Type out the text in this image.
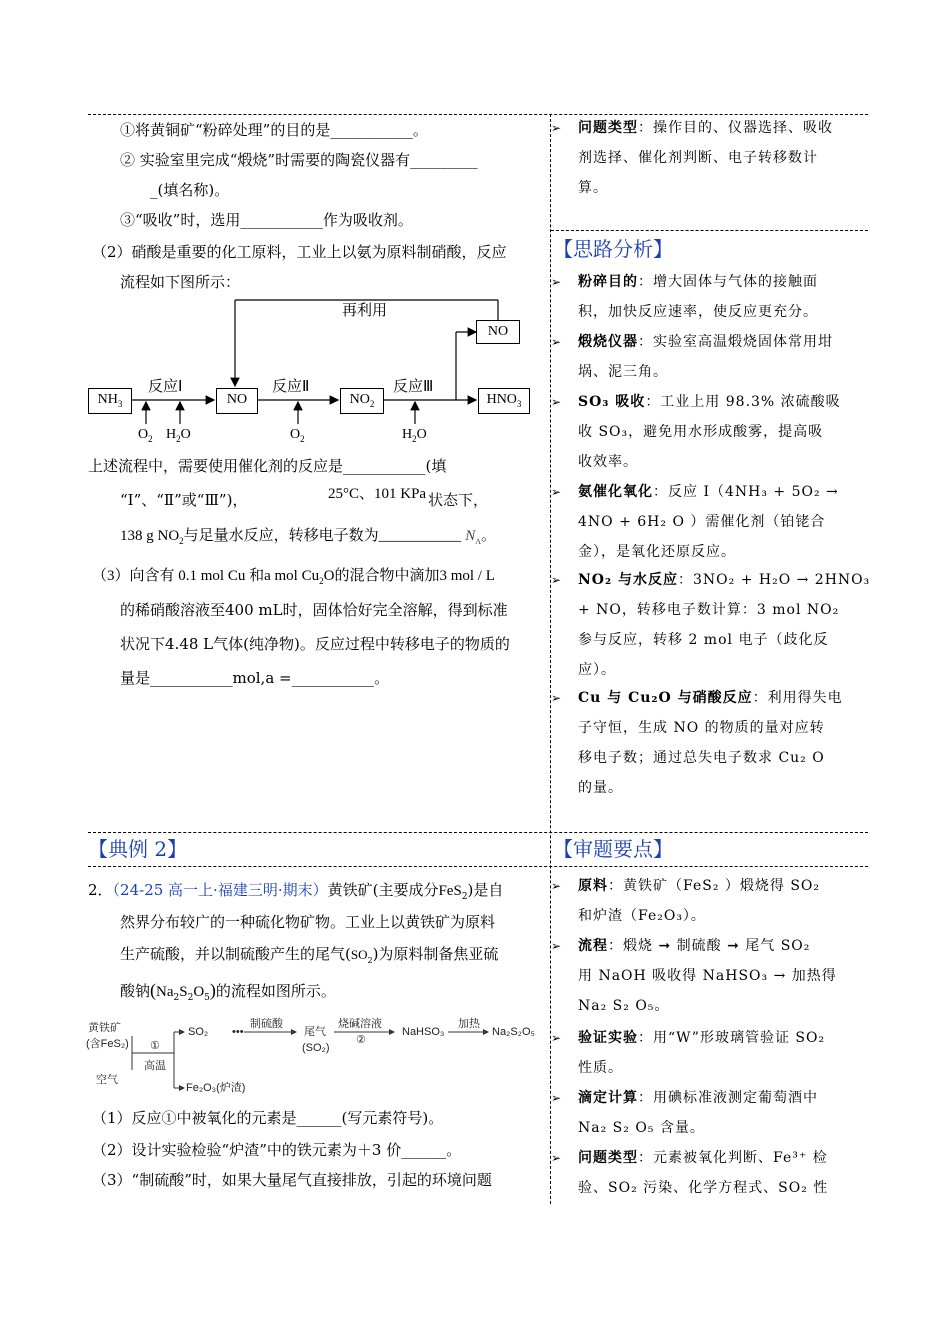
①将黄铜矿“粉碎处理”的目的是___________。
② 实验室里完成“煅烧”时需要的陶瓷仪器有_________
_(填名称)。
③“吸收”时，选用___________作为吸收剂。
（2）硝酸是重要的化工原料，工业上以氨为原料制硝酸，反应
流程如下图所示：
再利用
NO
$NH_3$	NO	$NO_2$	$HNO_3$
反应Ⅰ	反应Ⅱ	反应Ⅲ
$O_2$ $H_2O$	$O_2$	$H_2O$
上述流程中，需要使用催化剂的反应是___________(填
“Ⅰ”、“Ⅱ”或“Ⅲ”)，	25°C、101 KPa 状态下，
138 g $NO_2$与足量水反应，转移电子数为___________ $N_A$。
（3）向含有 0.1 mol Cu 和a mol $Cu_2O$的混合物中滴加3 mol / L
的稀硝酸溶液至400 mL时，固体恰好完全溶解，得到标准
状况下4.48 L气体(纯净物)。反应过程中转移电子的物质的
量是___________mol,a =___________。
➢ 问题类型：操作目的、仪器选择、吸收
剂选择、催化剂判断、电子转移数计
算。
【思路分析】
➢ 粉碎目的：增大固体与气体的接触面
积，加快反应速率，使反应更充分。
➢ 煅烧仪器：实验室高温煅烧固体常用坩
埚、泥三角。
➢ SO₃ 吸收：工业上用 98.3% 浓硫酸吸
收 SO₃，避免用水形成酸雾，提高吸
收效率。
➢ 氨催化氧化：反应 I（4NH₃ + 5O₂ →
4NO + 6H₂ O ）需催化剂（铂铑合
金），是氧化还原反应。
➢ NO₂ 与水反应：3NO₂ + H₂O → 2HNO₃
+ NO，转移电子数计算：3 mol NO₂
参与反应，转移 2 mol 电子（歧化反
应）。
➢ Cu 与 Cu₂O 与硝酸反应：利用得失电
子守恒，生成 NO 的物质的量对应转
移电子数；通过总失电子数求 Cu₂ O
的量。
【典例 2】	【审题要点】
2．（24-25 高一上·福建三明·期末）黄铁矿(主要成分FeS$_2$)是自
然界分布较广的一种硫化物矿物。工业上以黄铁矿为原料
生产硫酸，并以制硫酸产生的尾气$(SO_2)$为原料制备焦亚硫
酸钠$(Na_2S_2O_5)$的流程如图所示。
黄铁矿
(含FeS₂)
空气
①
高温
SO₂ •••
制硫酸
尾气
(SO₂)
烧碱溶液
②
NaHSO₃
加热
Na₂S₂O₅
Fe₂O₃(炉渣)
（1）反应①中被氧化的元素是______(写元素符号)。
（2）设计实验检验“炉渣”中的铁元素为＋3 价______。
（3）“制硫酸”时，如果大量尾气直接排放，引起的环境问题
➢ 原料：黄铁矿（FeS₂ ）煅烧得 SO₂
和炉渣（Fe₂O₃）。
➢ 流程：煅烧 ➞ 制硫酸 ➞ 尾气 SO₂
用 NaOH 吸收得 NaHSO₃ → 加热得
Na₂ S₂ O₅。
➢ 验证实验：用“W”形玻璃管验证 SO₂
性质。
➢ 滴定计算：用碘标准液测定葡萄酒中
Na₂ S₂ O₅ 含量。
➢ 问题类型：元素被氧化判断、Fe³⁺ 检
验、SO₂ 污染、化学方程式、SO₂ 性
